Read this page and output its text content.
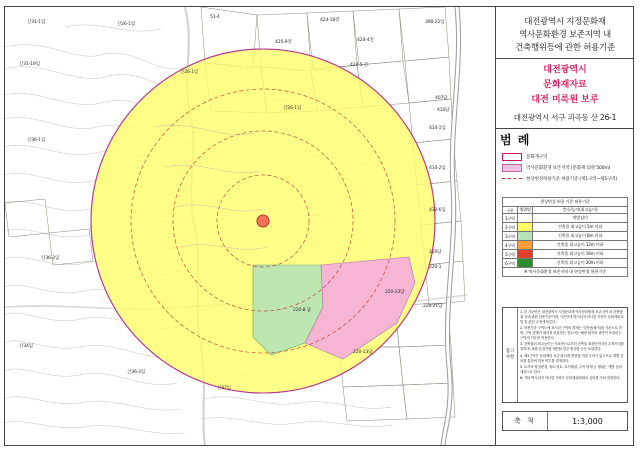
산31-1임	산26-1임
51-4
424-18전	390-22임
425-9전	424-4전
산31-19임	424-5 전
산26-1임
407답
410답
산26-1임
410-1임
산36-1임
410-2임
432-6임
산36-2임
220답
220-1
220-8 답
220-23답
220-21답
산34임
220-13답
산36-3임
산37임
대전광역시 지정문화재
역사문화환경 보존지역 내
건축행위등에 관한 허용기준
대전광역시
문화재자료
대전 미륵원 보루
대전광역시 서구 괴곡동 산 26-1
범 례
문화재구역
역사문화환경 보존지역 (문화재 외곽 500m)
현상변경허용기준 허용기준 (제1구역~제5구역)
현상변경 허용 기준 허용기준		
구분	행위별	층수/높이(최고높이)
1구역		개별심의
2구역		건축물 최고높이 5m 이하
3구역		건축물 최고높이 8m 이하
4구역		건축물 최고높이 12m 이하
5구역		건축물 최고높이 16m 이하
6구역		건축물 최고높이 20m 이하
※ 역사문화환경 보존지역 내 현상변경 허용기준		
참고 사항

1. 본 기준안은 대전광역시 지정문화재 역사문화환경 보존지역 내 건축행위 등에 관한 허용기준이며, 기준안에 명시되지 아니한 사항은 문화재보호법 및 관련 규정에 따른다.

2. 허용기준 구역도에 표시된 구역의 경계는 지적선(필지)을 기준으로 하며, 구역 경계가 필지를 관통하는 경우에는 해당 필지의 과반이 포함되는 구역의 기준을 적용한다.

3. 건축물의 최고높이는 지표면으로부터 건축물 최상단까지의 수직거리를 말하며, 옥탑·승강기탑·계단탑·망루·장식탑 등은 포함한다.

4. 제1구역은 문화재의 보존·관리에 영향을 미칠 우려가 있으므로 개별 심의를 통하여 허용 여부를 결정한다.

5. 토지의 형질변경, 절토·성토, 토석채취, 수목 벌채 등 행위는 개별 심의 대상으로 한다.

6. 기타 명시되지 아니한 사항은 문화재위원회의 심의를 거쳐 결정한다.

축 척	1:3,000
